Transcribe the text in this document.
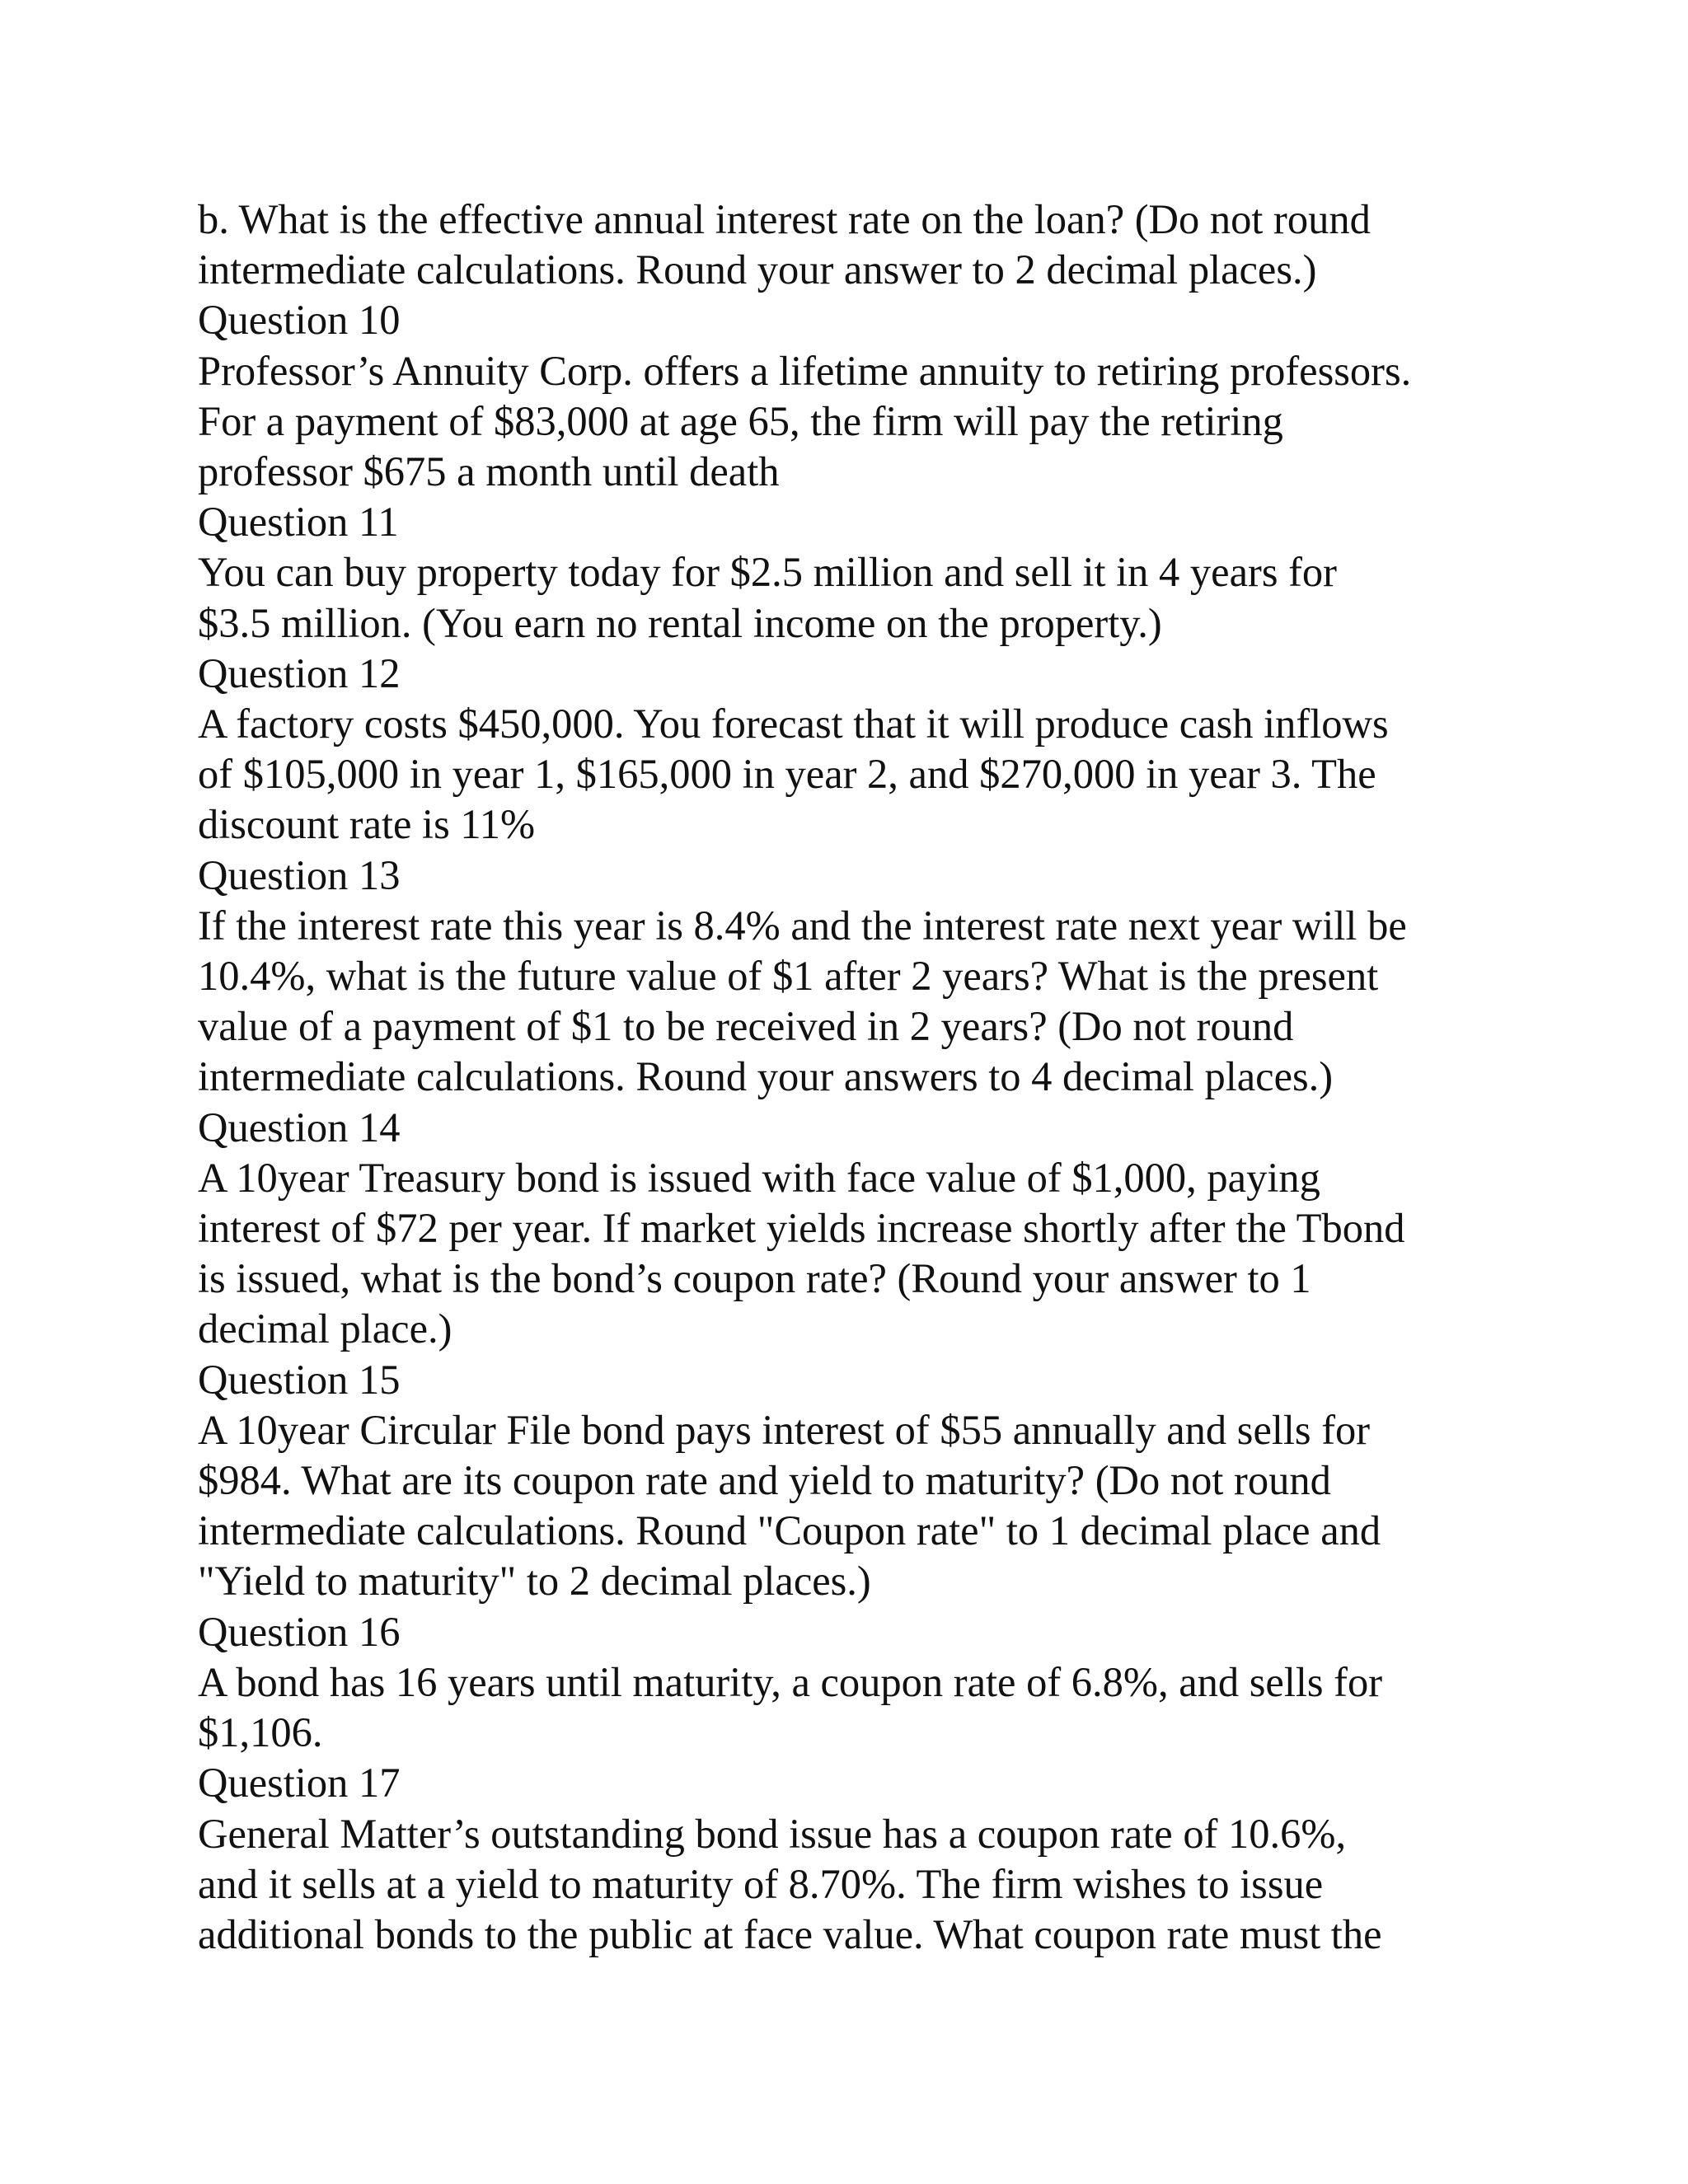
b. What is the effective annual interest rate on the loan? (Do not round
intermediate calculations. Round your answer to 2 decimal places.)
Question 10
Professor’s Annuity Corp. offers a lifetime annuity to retiring professors.
For a payment of $83,000 at age 65, the firm will pay the retiring
professor $675 a month until death
Question 11
You can buy property today for $2.5 million and sell it in 4 years for
$3.5 million. (You earn no rental income on the property.)
Question 12
A factory costs $450,000. You forecast that it will produce cash inflows
of $105,000 in year 1, $165,000 in year 2, and $270,000 in year 3. The
discount rate is 11%
Question 13
If the interest rate this year is 8.4% and the interest rate next year will be
10.4%, what is the future value of $1 after 2 years? What is the present
value of a payment of $1 to be received in 2 years? (Do not round
intermediate calculations. Round your answers to 4 decimal places.)
Question 14
A 10year Treasury bond is issued with face value of $1,000, paying
interest of $72 per year. If market yields increase shortly after the Tbond
is issued, what is the bond’s coupon rate? (Round your answer to 1
decimal place.)
Question 15
A 10year Circular File bond pays interest of $55 annually and sells for
$984. What are its coupon rate and yield to maturity? (Do not round
intermediate calculations. Round "Coupon rate" to 1 decimal place and
"Yield to maturity" to 2 decimal places.)
Question 16
A bond has 16 years until maturity, a coupon rate of 6.8%, and sells for
$1,106.
Question 17
General Matter’s outstanding bond issue has a coupon rate of 10.6%,
and it sells at a yield to maturity of 8.70%. The firm wishes to issue
additional bonds to the public at face value. What coupon rate must the
